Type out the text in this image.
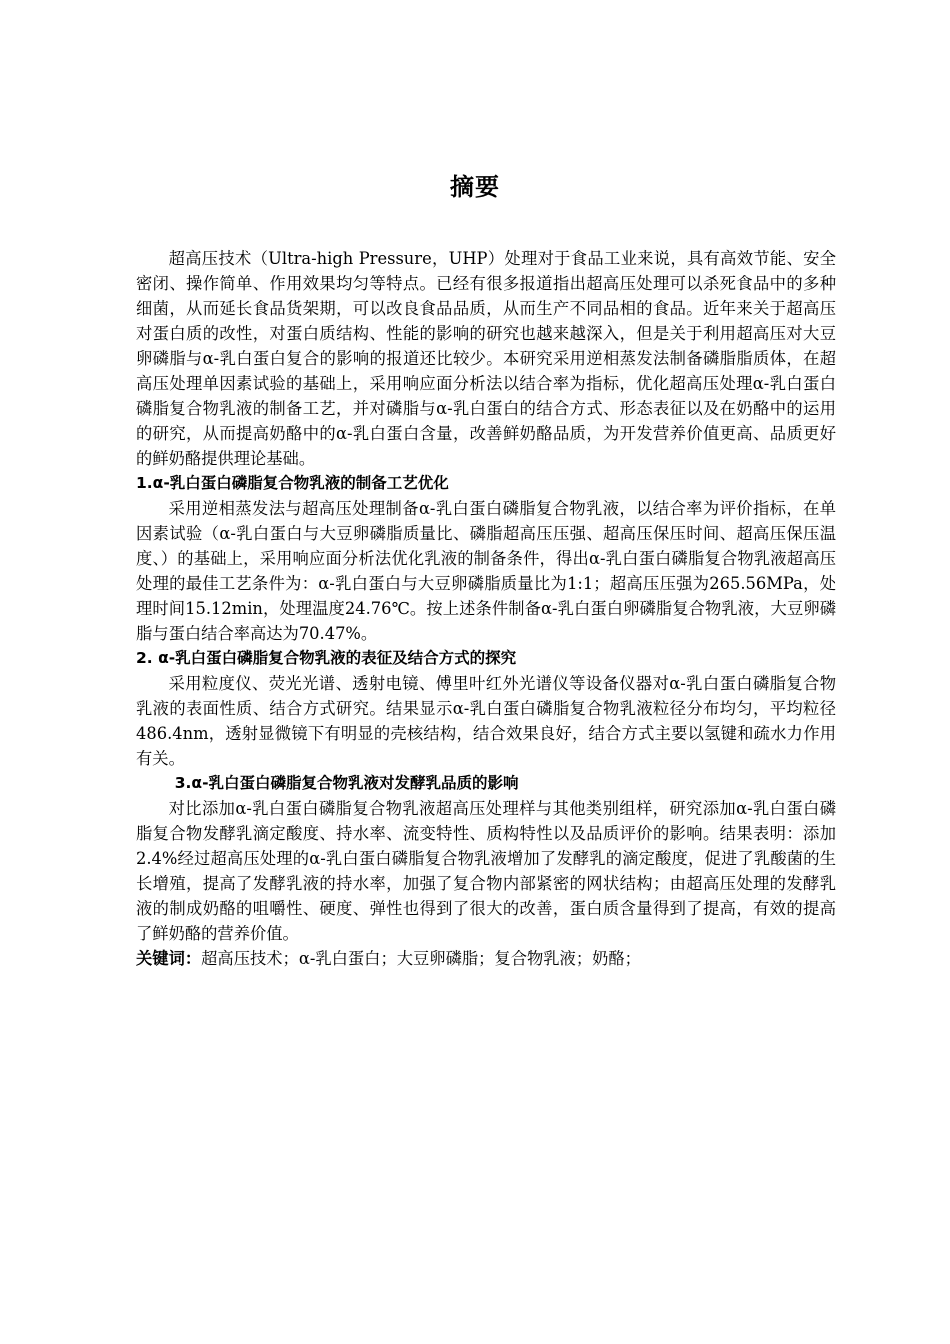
摘要

超高压技术（Ultra-high Pressure，UHP）处理对于食品工业来说，具有高效节能、安全密闭、操作简单、作用效果均匀等特点。已经有很多报道指出超高压处理可以杀死食品中的多种细菌，从而延长食品货架期，可以改良食品品质，从而生产不同品相的食品。近年来关于超高压对蛋白质的改性，对蛋白质结构、性能的影响的研究也越来越深入，但是关于利用超高压对大豆卵磷脂与α-乳白蛋白复合的影响的报道还比较少。本研究采用逆相蒸发法制备磷脂脂质体，在超高压处理单因素试验的基础上，采用响应面分析法以结合率为指标，优化超高压处理α-乳白蛋白磷脂复合物乳液的制备工艺，并对磷脂与α-乳白蛋白的结合方式、形态表征以及在奶酪中的运用的研究，从而提高奶酪中的α-乳白蛋白含量，改善鲜奶酪品质，为开发营养价值更高、品质更好的鲜奶酪提供理论基础。

1.α-乳白蛋白磷脂复合物乳液的制备工艺优化

采用逆相蒸发法与超高压处理制备α-乳白蛋白磷脂复合物乳液，以结合率为评价指标，在单因素试验（α-乳白蛋白与大豆卵磷脂质量比、磷脂超高压压强、超高压保压时间、超高压保压温度、）的基础上，采用响应面分析法优化乳液的制备条件，得出α-乳白蛋白磷脂复合物乳液超高压处理的最佳工艺条件为：α-乳白蛋白与大豆卵磷脂质量比为1:1；超高压压强为265.56MPa，处理时间15.12min，处理温度24.76℃。按上述条件制备α-乳白蛋白卵磷脂复合物乳液，大豆卵磷脂与蛋白结合率高达为70.47%。

2. α-乳白蛋白磷脂复合物乳液的表征及结合方式的探究

采用粒度仪、荧光光谱、透射电镜、傅里叶红外光谱仪等设备仪器对α-乳白蛋白磷脂复合物乳液的表面性质、结合方式研究。结果显示α-乳白蛋白磷脂复合物乳液粒径分布均匀，平均粒径486.4nm，透射显微镜下有明显的壳核结构，结合效果良好，结合方式主要以氢键和疏水力作用有关。

3.α-乳白蛋白磷脂复合物乳液对发酵乳品质的影响

对比添加α-乳白蛋白磷脂复合物乳液超高压处理样与其他类别组样，研究添加α-乳白蛋白磷脂复合物发酵乳滴定酸度、持水率、流变特性、质构特性以及品质评价的影响。结果表明：添加2.4%经过超高压处理的α-乳白蛋白磷脂复合物乳液增加了发酵乳的滴定酸度，促进了乳酸菌的生长增殖，提高了发酵乳液的持水率，加强了复合物内部紧密的网状结构；由超高压处理的发酵乳液的制成奶酪的咀嚼性、硬度、弹性也得到了很大的改善，蛋白质含量得到了提高，有效的提高了鲜奶酪的营养价值。

关键词：超高压技术；α-乳白蛋白；大豆卵磷脂；复合物乳液；奶酪；
